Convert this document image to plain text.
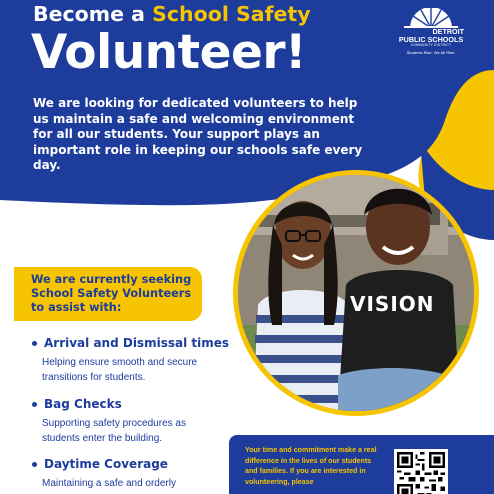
Become a School Safety
Volunteer!	DETROIT
PUBLIC SCHOOLS
COMMUNITY DISTRICT
Students Rise. We All Rise.

We are looking for dedicated volunteers to help us maintain a safe and welcoming environment for all our students. Your support plays an important role in keeping our schools safe every day.

VISION
We are currently seeking
School Safety Volunteers
to assist with:
Arrival and Dismissal times
Helping ensure smooth and secure
transitions for students.
Bag Checks
Supporting safety procedures as
students enter the building.
Daytime Coverage
Maintaining a safe and orderly

Your time and commitment make a real difference in the lives of our students and families. If you are interested in volunteering, please
